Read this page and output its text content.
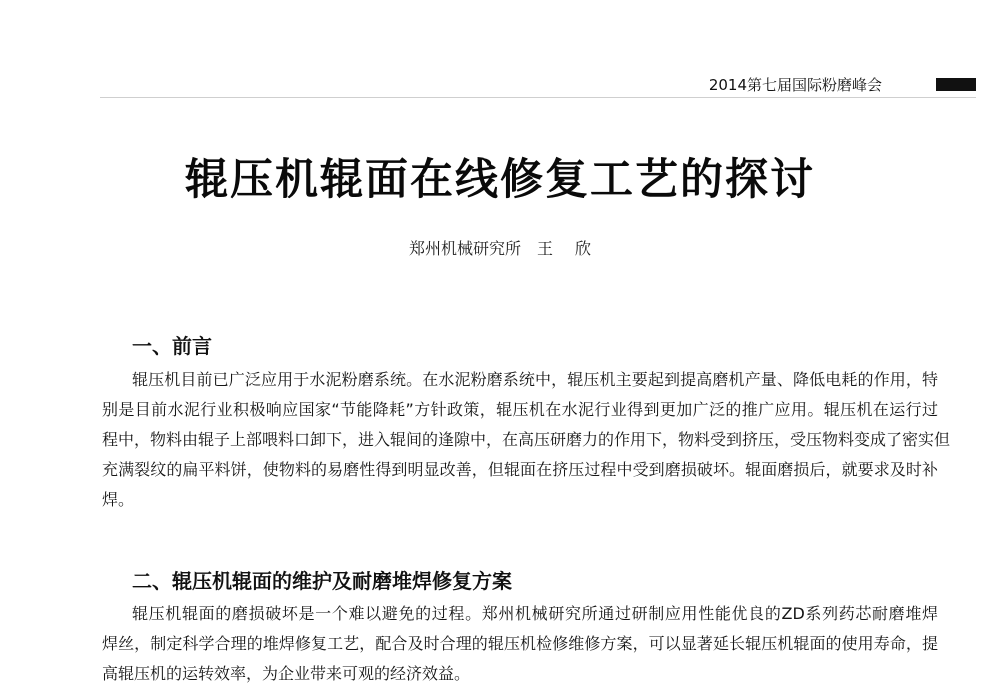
2014第七届国际粉磨峰会
辊压机辊面在线修复工艺的探讨
郑州机械研究所 王 欣
一、前言
辊压机目前已广泛应用于水泥粉磨系统。在水泥粉磨系统中，辊压机主要起到提高磨机产量、降低电耗的作用，特
别是目前水泥行业积极响应国家“节能降耗”方针政策，辊压机在水泥行业得到更加广泛的推广应用。辊压机在运行过
程中，物料由辊子上部喂料口卸下，进入辊间的逢隙中，在高压研磨力的作用下，物料受到挤压，受压物料变成了密实但
充满裂纹的扁平料饼，使物料的易磨性得到明显改善，但辊面在挤压过程中受到磨损破坏。辊面磨损后，就要求及时补
焊。
二、辊压机辊面的维护及耐磨堆焊修复方案
辊压机辊面的磨损破坏是一个难以避免的过程。郑州机械研究所通过研制应用性能优良的ZD系列药芯耐磨堆焊
焊丝，制定科学合理的堆焊修复工艺，配合及时合理的辊压机检修维修方案，可以显著延长辊压机辊面的使用寿命，提
高辊压机的运转效率，为企业带来可观的经济效益。
